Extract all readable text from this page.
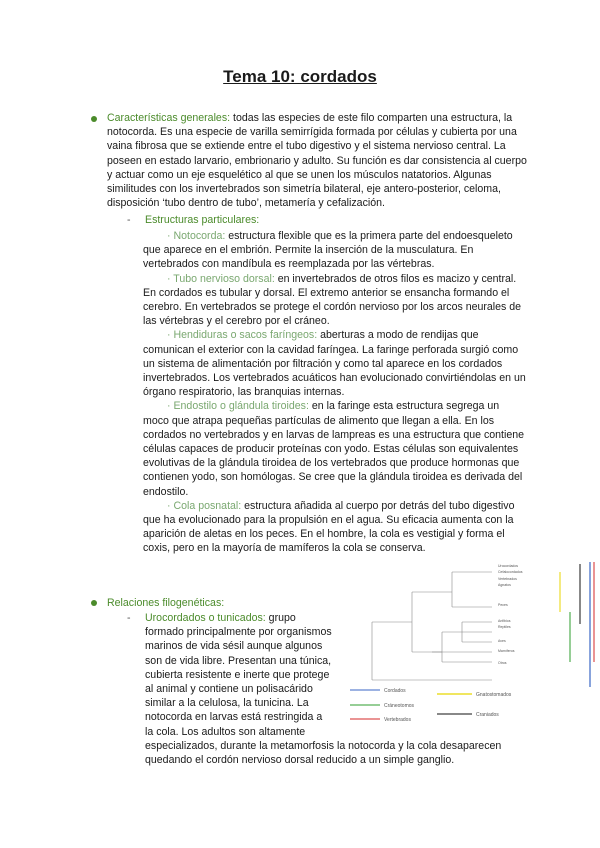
Tema 10: cordados
Características generales: todas las especies de este filo comparten una estructura, la notocorda. Es una especie de varilla semirrígida formada por células y cubierta por una vaina fibrosa que se extiende entre el tubo digestivo y el sistema nervioso central. La poseen en estado larvario, embrionario y adulto. Su función es dar consistencia al cuerpo y actuar como un eje esquelético al que se unen los músculos natatorios. Algunas similitudes con los invertebrados son simetría bilateral, eje antero-posterior, celoma, disposición ‘tubo dentro de tubo’, metamería y cefalización.
- Estructuras particulares:
· Notocorda: estructura flexible que es la primera parte del endoesqueleto que aparece en el embrión. Permite la inserción de la musculatura. En vertebrados con mandíbula es reemplazada por las vértebras.
· Tubo nervioso dorsal: en invertebrados de otros filos es macizo y central. En cordados es tubular y dorsal. El extremo anterior se ensancha formando el cerebro. En vertebrados se protege el cordón nervioso por los arcos neurales de las vértebras y el cerebro por el cráneo.
· Hendiduras o sacos faríngeos: aberturas a modo de rendijas que comunican el exterior con la cavidad faríngea. La faringe perforada surgió como un sistema de alimentación por filtración y como tal aparece en los cordados invertebrados. Los vertebrados acuáticos han evolucionado convirtiéndolas en un órgano respiratorio, las branquias internas.
· Endostilo o glándula tiroides: en la faringe esta estructura segrega un moco que atrapa pequeñas partículas de alimento que llegan a ella. En los cordados no vertebrados y en larvas de lampreas es una estructura que contiene células capaces de producir proteínas con yodo. Estas células son equivalentes evolutivas de la glándula tiroidea de los vertebrados que produce hormonas que contienen yodo, son homólogas. Se cree que la glándula tiroidea es derivada del endostilo.
· Cola posnatal: estructura añadida al cuerpo por detrás del tubo digestivo que ha evolucionado para la propulsión en el agua. Su eficacia aumenta con la aparición de aletas en los peces. En el hombre, la cola es vestigial y forma el coxis, pero en la mayoría de mamíferos la cola se conserva.
Relaciones filogenéticas:
- Urocordados o tunicados: grupo
formado principalmente por organismos
marinos de vida sésil aunque algunos
son de vida libre. Presentan una túnica,
cubierta resistente e inerte que protege
al animal y contiene un polisacárido
similar a la celulosa, la tunicina. La
notocorda en larvas está restringida a
la cola. Los adultos son altamente
especializados, durante la metamorfosis la notocorda y la cola desaparecen quedando el cordón nervioso dorsal reducido a un simple ganglio.
Urocordados
Cefalocordados
Vertebrados
Agnatos
Peces
Anfibios
Reptiles
Aves
Mamíferos
Otros
Cordados
Gnatostomados
Cráneotomos
Craniados
Vertebrados
